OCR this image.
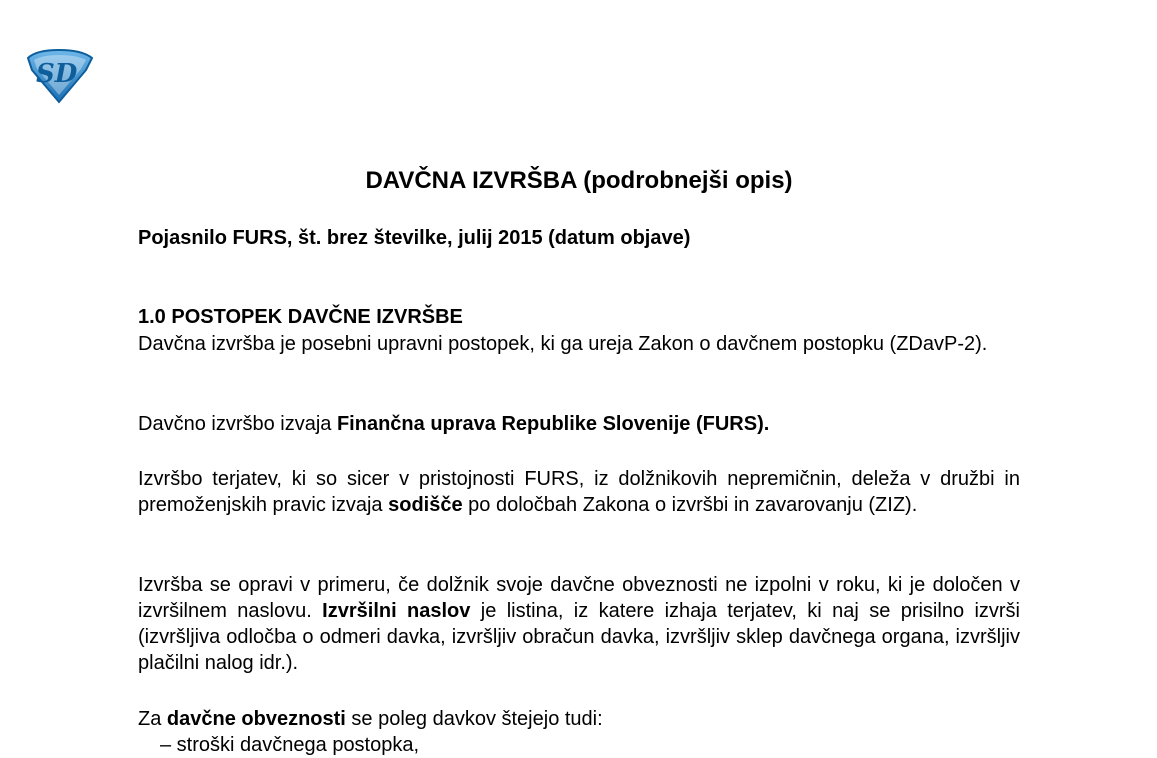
SD
DAVČNA IZVRŠBA (podrobnejši opis)

Pojasnilo FURS, št. brez številke, julij 2015 (datum objave)

1.0 POSTOPEK DAVČNE IZVRŠBE

Davčna izvršba je posebni upravni postopek, ki ga ureja Zakon o davčnem postopku (ZDavP-2).

Davčno izvršbo izvaja Finančna uprava Republike Slovenije (FURS).

Izvršbo terjatev, ki so sicer v pristojnosti FURS, iz dolžnikovih nepremičnin, deleža v družbi in premoženjskih pravic izvaja sodišče po določbah Zakona o izvršbi in zavarovanju (ZIZ).

Izvršba se opravi v primeru, če dolžnik svoje davčne obveznosti ne izpolni v roku, ki je določen v izvršilnem naslovu. Izvršilni naslov je listina, iz katere izhaja terjatev, ki naj se prisilno izvrši (izvršljiva odločba o odmeri davka, izvršljiv obračun davka, izvršljiv sklep davčnega organa, izvršljiv plačilni nalog idr.).

Za davčne obveznosti se poleg davkov štejejo tudi:

– stroški davčnega postopka,
